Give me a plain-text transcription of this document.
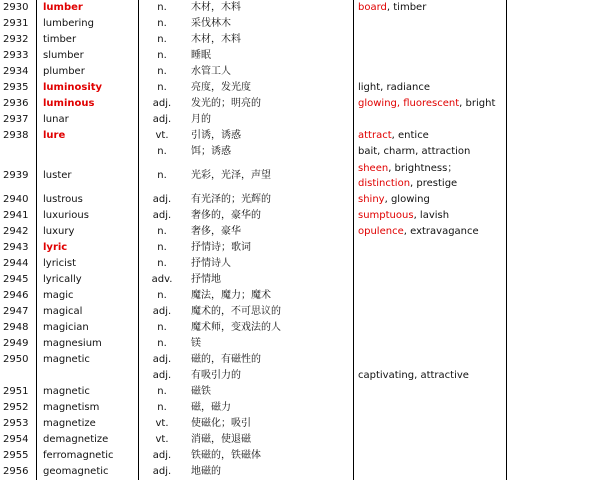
2930	lumber	n.	木材，木料	board, timber	
2931	lumbering	n.	采伐林木		
2932	timber	n.	木材，木料		
2933	slumber	n.	睡眠		
2934	plumber	n.	水管工人		
2935	luminosity	n.	亮度，发光度	light, radiance	
2936	luminous	adj.	发光的；明亮的	glowing, fluorescent, bright	
2937	lunar	adj.	月的		
2938	lure	vt.	引诱，诱惑	attract, entice	
		n.	饵；诱惑	bait, charm, attraction	
2939	luster	n.	光彩，光泽，声望	sheen, brightness；distinction, prestige	
2940	lustrous	adj.	有光泽的；光辉的	shiny, glowing	
2941	luxurious	adj.	奢侈的，豪华的	sumptuous, lavish	
2942	luxury	n.	奢侈，豪华	opulence, extravagance	
2943	lyric	n.	抒情诗；歌词		
2944	lyricist	n.	抒情诗人		
2945	lyrically	adv.	抒情地		
2946	magic	n.	魔法，魔力；魔术		
2947	magical	adj.	魔术的，不可思议的		
2948	magician	n.	魔术师，变戏法的人		
2949	magnesium	n.	镁		
2950	magnetic	adj.	磁的，有磁性的		
		adj.	有吸引力的	captivating, attractive	
2951	magnetic	n.	磁铁		
2952	magnetism	n.	磁，磁力		
2953	magnetize	vt.	使磁化；吸引		
2954	demagnetize	vt.	消磁，使退磁		
2955	ferromagnetic	adj.	铁磁的，铁磁体		
2956	geomagnetic	adj.	地磁的		
